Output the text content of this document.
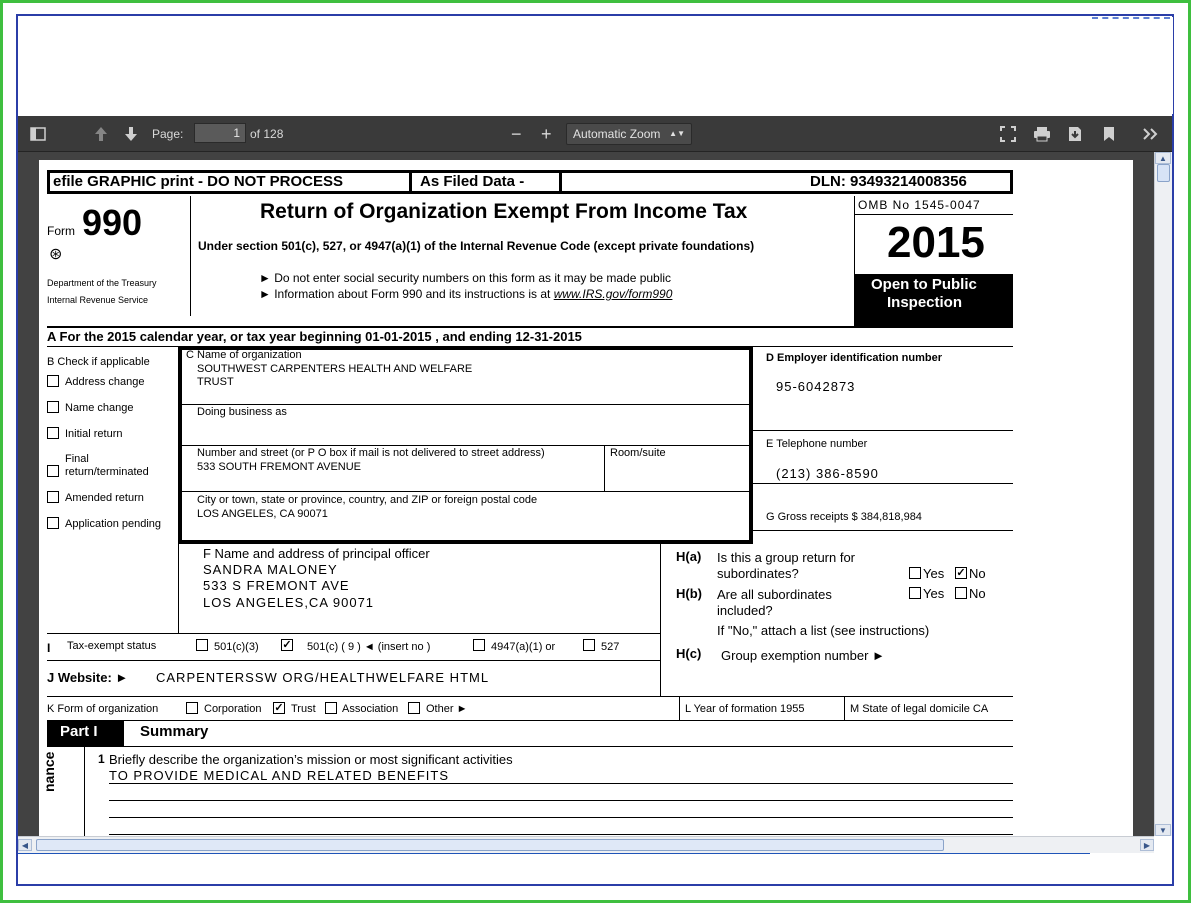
Page:	1 of 128	− +	Automatic Zoom ▲▼
efile GRAPHIC print - DO NOT PROCESS	As Filed Data -	DLN: 93493214008356
Form 990
⊛
Department of the Treasury
Internal Revenue Service
Return of Organization Exempt From Income Tax
Under section 501(c), 527, or 4947(a)(1) of the Internal Revenue Code (except private foundations)
► Do not enter social security numbers on this form as it may be made public
► Information about Form 990 and its instructions is at www.IRS.gov/form990
OMB No 1545-0047
2015
Open to Public
Inspection
A For the 2015 calendar year, or tax year beginning 01-01-2015 , and ending 12-31-2015
B Check if applicable
Address change
Name change
Initial return
Final
return/terminated
Amended return
Application pending
C Name of organization
SOUTHWEST CARPENTERS HEALTH AND WELFARE
TRUST
Doing business as
Number and street (or P O box if mail is not delivered to street address)	Room/suite
533 SOUTH FREMONT AVENUE
City or town, state or province, country, and ZIP or foreign postal code
LOS ANGELES, CA 90071
D Employer identification number
95-6042873
E Telephone number
(213) 386-8590
G Gross receipts $ 384,818,984
F Name and address of principal officer
SANDRA MALONEY
533 S FREMONT AVE
LOS ANGELES,CA 90071
H(a) Is this a group return for
subordinates?	Yes ✓ No
H(b) Are all subordinates
included?
Yes No
If "No," attach a list (see instructions)
H(c) Group exemption number ►
I Tax-exempt status	501(c)(3) ✓ 501(c) ( 9 ) ◄ (insert no )	4947(a)(1) or	527
J Website: ► CARPENTERSSW ORG/HEALTHWELFARE HTML
K Form of organization	Corporation ✓ Trust Association	Other ►	L Year of formation 1955	M State of legal domicile CA
Part I	Summary
nance	1 Briefly describe the organization’s mission or most significant activities
TO PROVIDE MEDICAL AND RELATED BENEFITS
▲
▼
◀	▶
